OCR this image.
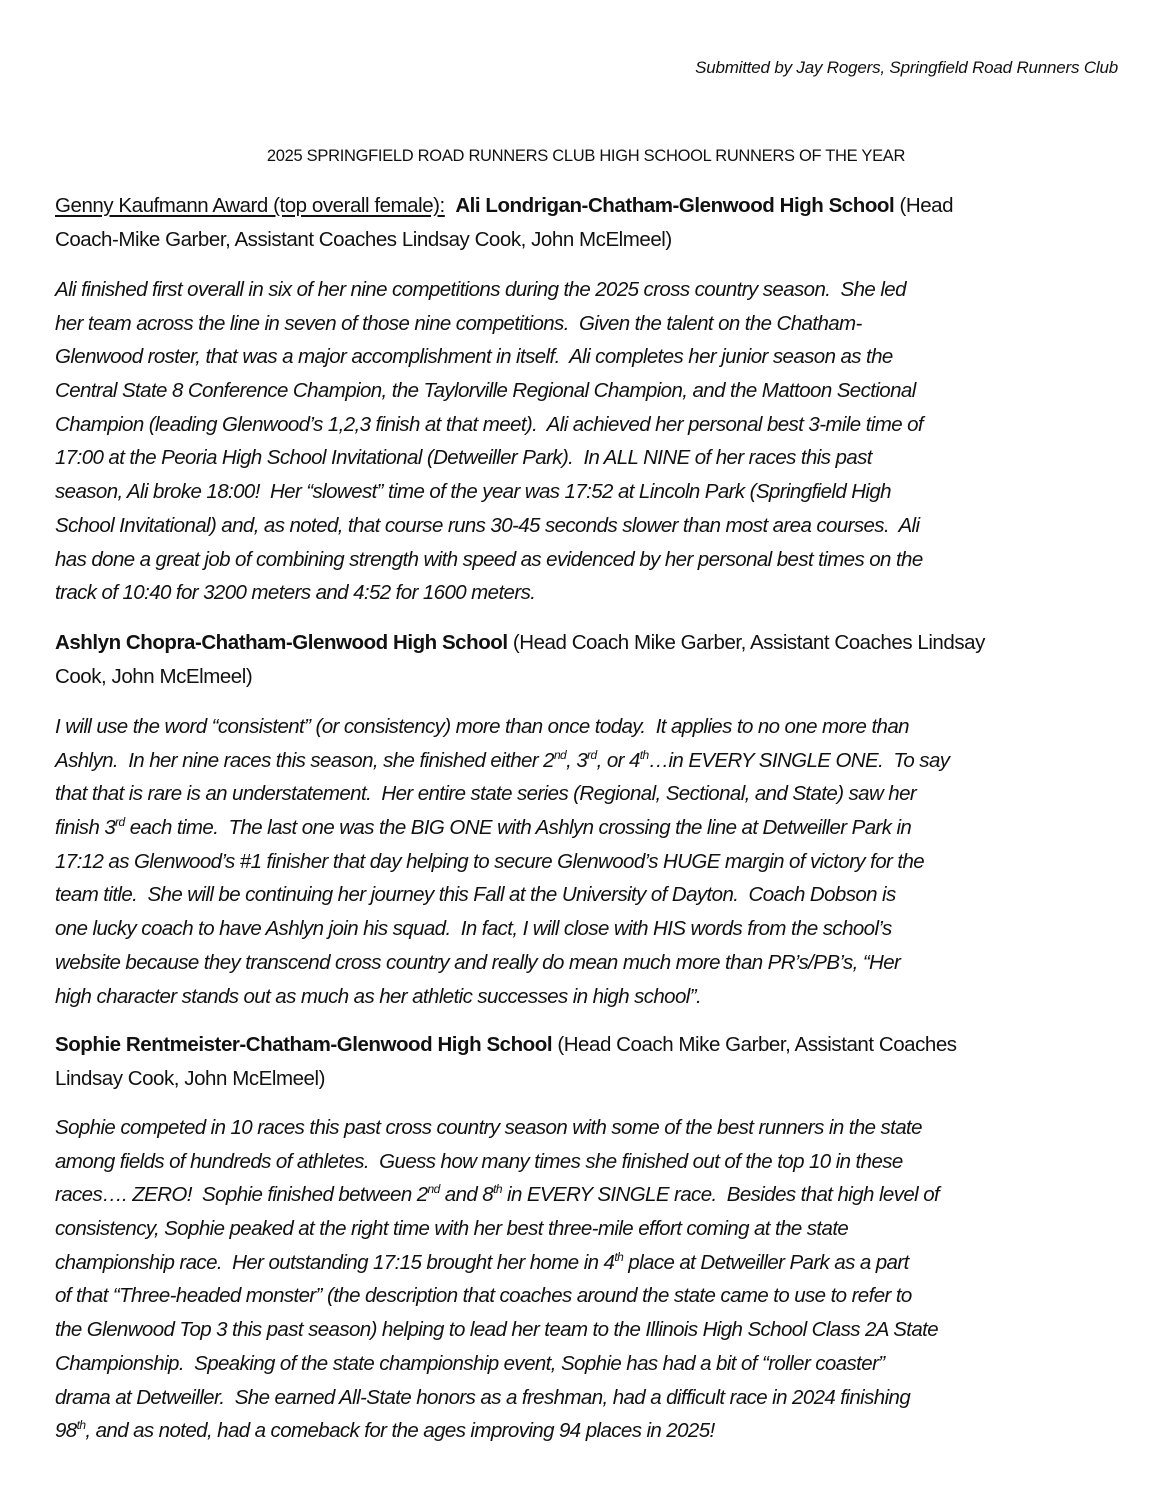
Submitted by Jay Rogers, Springfield Road Runners Club
2025 SPRINGFIELD ROAD RUNNERS CLUB HIGH SCHOOL RUNNERS OF THE YEAR
Genny Kaufmann Award (top overall female): Ali Londrigan-Chatham-Glenwood High School (Head
Coach-Mike Garber, Assistant Coaches Lindsay Cook, John McElmeel)
Ali finished first overall in six of her nine competitions during the 2025 cross country season.  She led
her team across the line in seven of those nine competitions.  Given the talent on the Chatham-
Glenwood roster, that was a major accomplishment in itself.  Ali completes her junior season as the
Central State 8 Conference Champion, the Taylorville Regional Champion, and the Mattoon Sectional
Champion (leading Glenwood’s 1,2,3 finish at that meet).  Ali achieved her personal best 3-mile time of
17:00 at the Peoria High School Invitational (Detweiller Park).  In ALL NINE of her races this past
season, Ali broke 18:00!  Her “slowest” time of the year was 17:52 at Lincoln Park (Springfield High
School Invitational) and, as noted, that course runs 30-45 seconds slower than most area courses.  Ali
has done a great job of combining strength with speed as evidenced by her personal best times on the
track of 10:40 for 3200 meters and 4:52 for 1600 meters.
Ashlyn Chopra-Chatham-Glenwood High School (Head Coach Mike Garber, Assistant Coaches Lindsay
Cook, John McElmeel)
I will use the word “consistent” (or consistency) more than once today.  It applies to no one more than
Ashlyn.  In her nine races this season, she finished either 2nd, 3rd, or 4th…in EVERY SINGLE ONE.  To say
that that is rare is an understatement.  Her entire state series (Regional, Sectional, and State) saw her
finish 3rd each time.  The last one was the BIG ONE with Ashlyn crossing the line at Detweiller Park in
17:12 as Glenwood’s #1 finisher that day helping to secure Glenwood’s HUGE margin of victory for the
team title.  She will be continuing her journey this Fall at the University of Dayton.  Coach Dobson is
one lucky coach to have Ashlyn join his squad.  In fact, I will close with HIS words from the school’s
website because they transcend cross country and really do mean much more than PR’s/PB’s, “Her
high character stands out as much as her athletic successes in high school”.
Sophie Rentmeister-Chatham-Glenwood High School (Head Coach Mike Garber, Assistant Coaches
Lindsay Cook, John McElmeel)
Sophie competed in 10 races this past cross country season with some of the best runners in the state
among fields of hundreds of athletes.  Guess how many times she finished out of the top 10 in these
races…. ZERO!  Sophie finished between 2nd and 8th in EVERY SINGLE race.  Besides that high level of
consistency, Sophie peaked at the right time with her best three-mile effort coming at the state
championship race.  Her outstanding 17:15 brought her home in 4th place at Detweiller Park as a part
of that “Three-headed monster” (the description that coaches around the state came to use to refer to
the Glenwood Top 3 this past season) helping to lead her team to the Illinois High School Class 2A State
Championship.  Speaking of the state championship event, Sophie has had a bit of “roller coaster”
drama at Detweiller.  She earned All-State honors as a freshman, had a difficult race in 2024 finishing
98th, and as noted, had a comeback for the ages improving 94 places in 2025!
